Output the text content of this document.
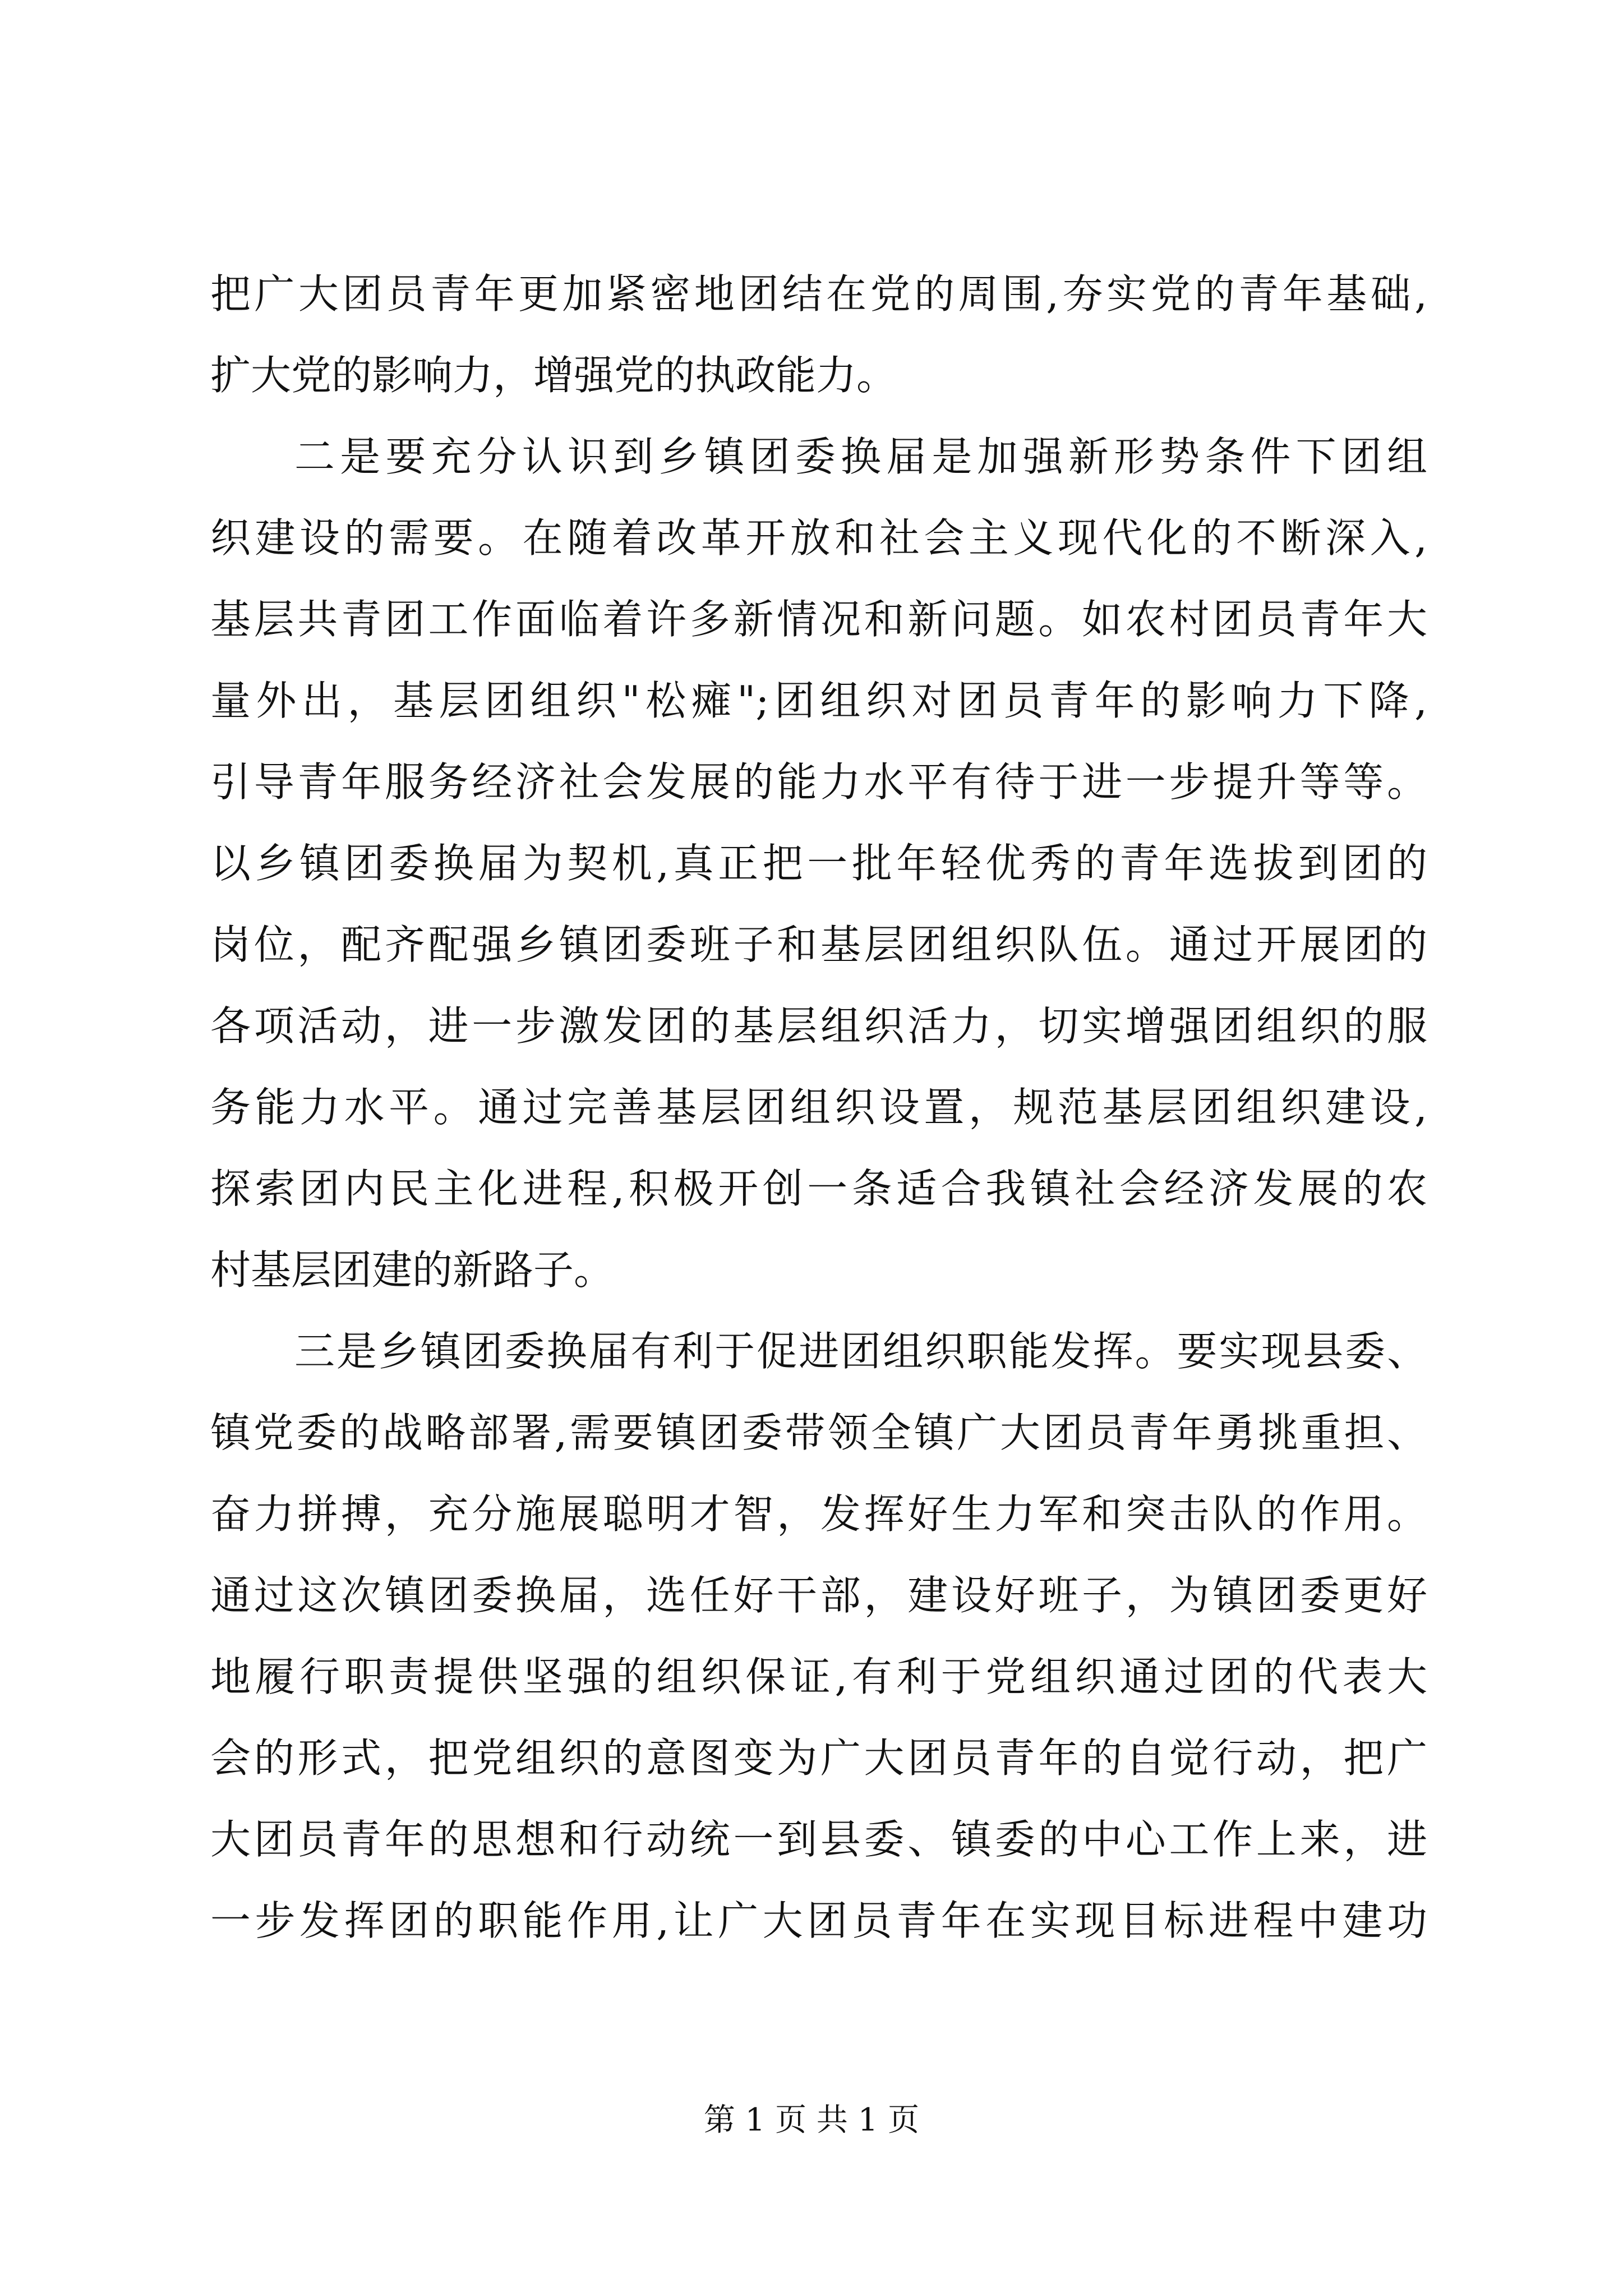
把广大团员青年更加紧密地团结在党的周围,夯实党的青年基础,
扩大党的影响力，增强党的执政能力。
二是要充分认识到乡镇团委换届是加强新形势条件下团组
织建设的需要。在随着改革开放和社会主义现代化的不断深入,
基层共青团工作面临着许多新情况和新问题。如农村团员青年大
量外出，基层团组织"松瘫";团组织对团员青年的影响力下降,
引导青年服务经济社会发展的能力水平有待于进一步提升等等。
以乡镇团委换届为契机,真正把一批年轻优秀的青年选拔到团的
岗位，配齐配强乡镇团委班子和基层团组织队伍。通过开展团的
各项活动，进一步激发团的基层组织活力，切实增强团组织的服
务能力水平。通过完善基层团组织设置，规范基层团组织建设,
探索团内民主化进程,积极开创一条适合我镇社会经济发展的农
村基层团建的新路子。
三是乡镇团委换届有利于促进团组织职能发挥。要实现县委、
镇党委的战略部署,需要镇团委带领全镇广大团员青年勇挑重担、
奋力拼搏，充分施展聪明才智，发挥好生力军和突击队的作用。
通过这次镇团委换届，选任好干部，建设好班子，为镇团委更好
地履行职责提供坚强的组织保证,有利于党组织通过团的代表大
会的形式，把党组织的意图变为广大团员青年的自觉行动，把广
大团员青年的思想和行动统一到县委、镇委的中心工作上来，进
一步发挥团的职能作用,让广大团员青年在实现目标进程中建功
第 1 页 共 1 页
